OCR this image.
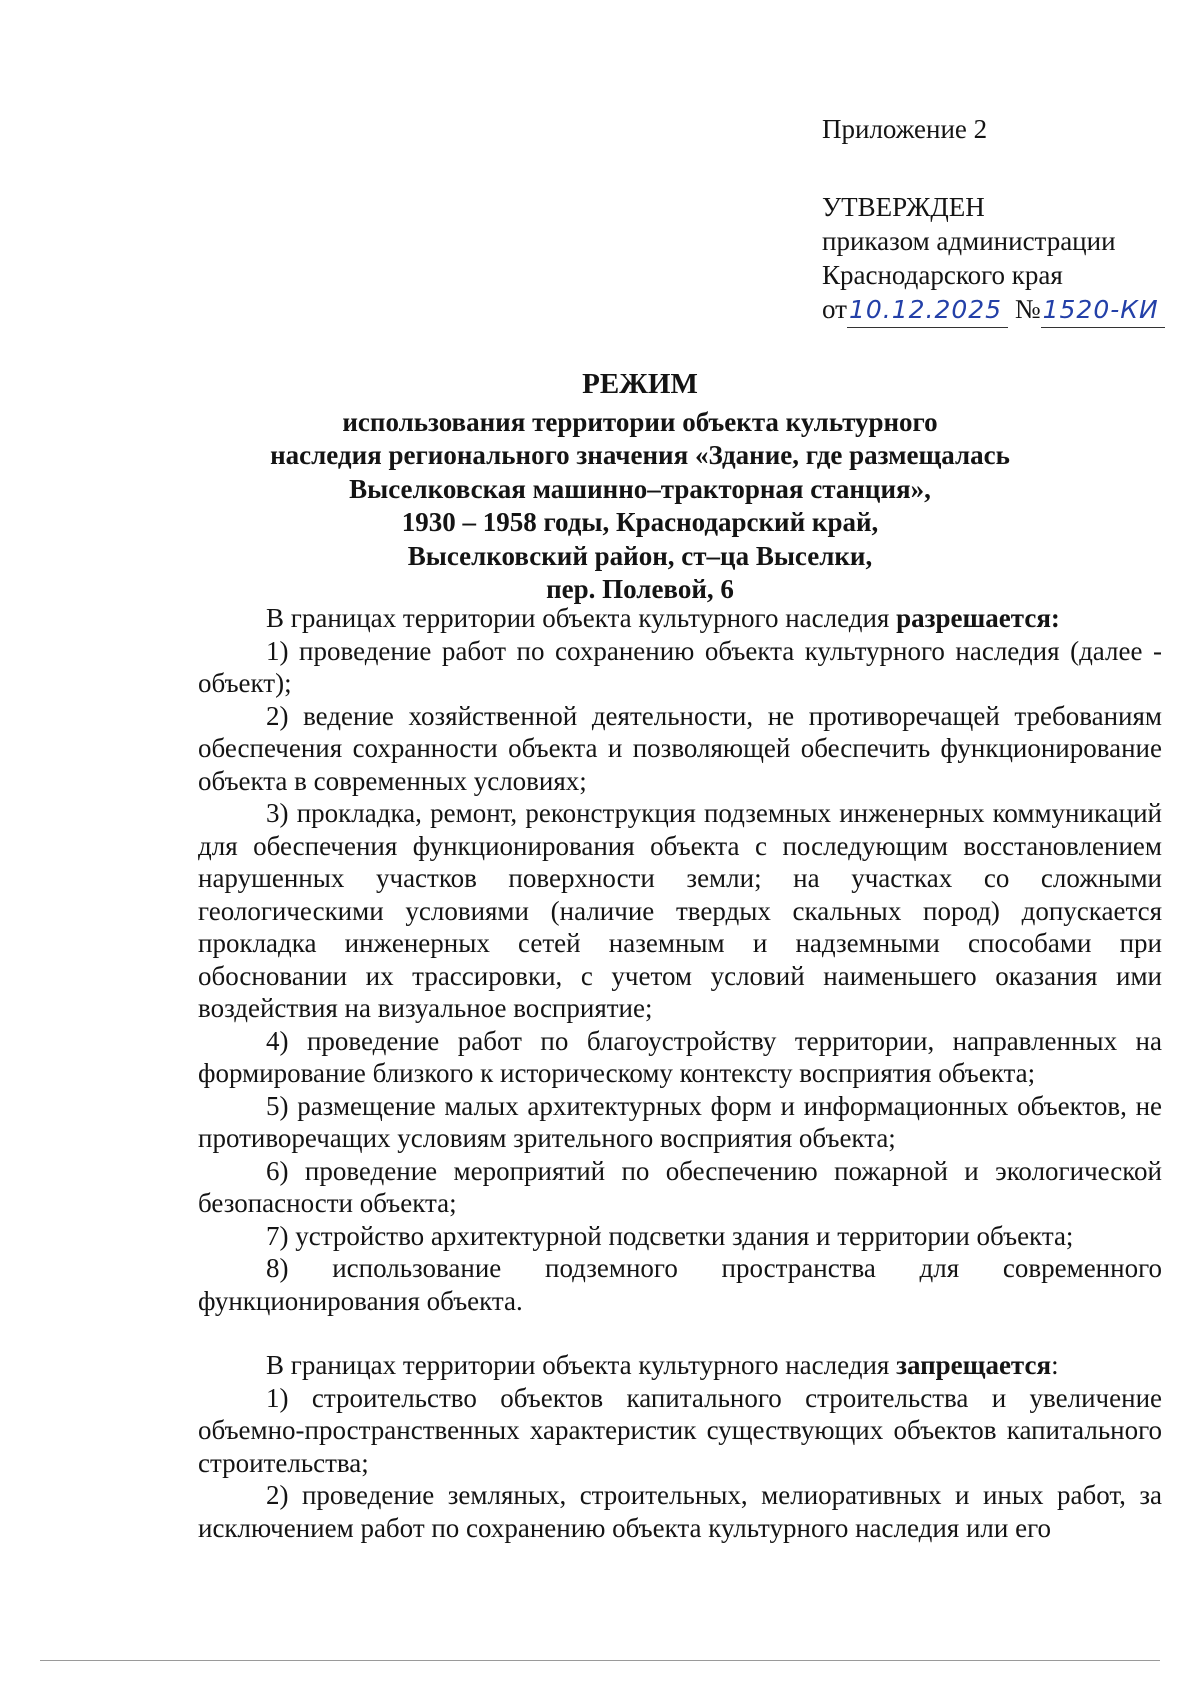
Приложение 2
УТВЕРЖДЕН
приказом администрации
Краснодарского края
от10.12.2025 №1520-КИ
РЕЖИМ
использования территории объекта культурного
наследия регионального значения «Здание, где размещалась
Выселковская машинно–тракторная станция»,
1930 – 1958 годы, Краснодарский край,
Выселковский район, ст–ца Выселки,
пер. Полевой, 6

В границах территории объекта культурного наследия разрешается:

1) проведение работ по сохранению объекта культурного наследия (далее - объект);

2) ведение хозяйственной деятельности, не противоречащей требованиям обеспечения сохранности объекта и позволяющей обеспечить функционирование объекта в современных условиях;

3) прокладка, ремонт, реконструкция подземных инженерных коммуникаций для обеспечения функционирования объекта с последующим восстановлением нарушенных участков поверхности земли; на участках со сложными геологическими условиями (наличие твердых скальных пород) допускается прокладка инженерных сетей наземным и надземными способами при обосновании их трассировки, с учетом условий наименьшего оказания ими воздействия на визуальное восприятие;

4) проведение работ по благоустройству территории, направленных на формирование близкого к историческому контексту восприятия объекта;

5) размещение малых архитектурных форм и информационных объектов, не противоречащих условиям зрительного восприятия объекта;

6) проведение мероприятий по обеспечению пожарной и экологической безопасности объекта;

7) устройство архитектурной подсветки здания и территории объекта;

8) использование подземного пространства для современного функционирования объекта.

В границах территории объекта культурного наследия запрещается:

1) строительство объектов капитального строительства и увеличение объемно-пространственных характеристик существующих объектов капитального строительства;

2) проведение земляных, строительных, мелиоративных и иных работ, за исключением работ по сохранению объекта культурного наследия или его
